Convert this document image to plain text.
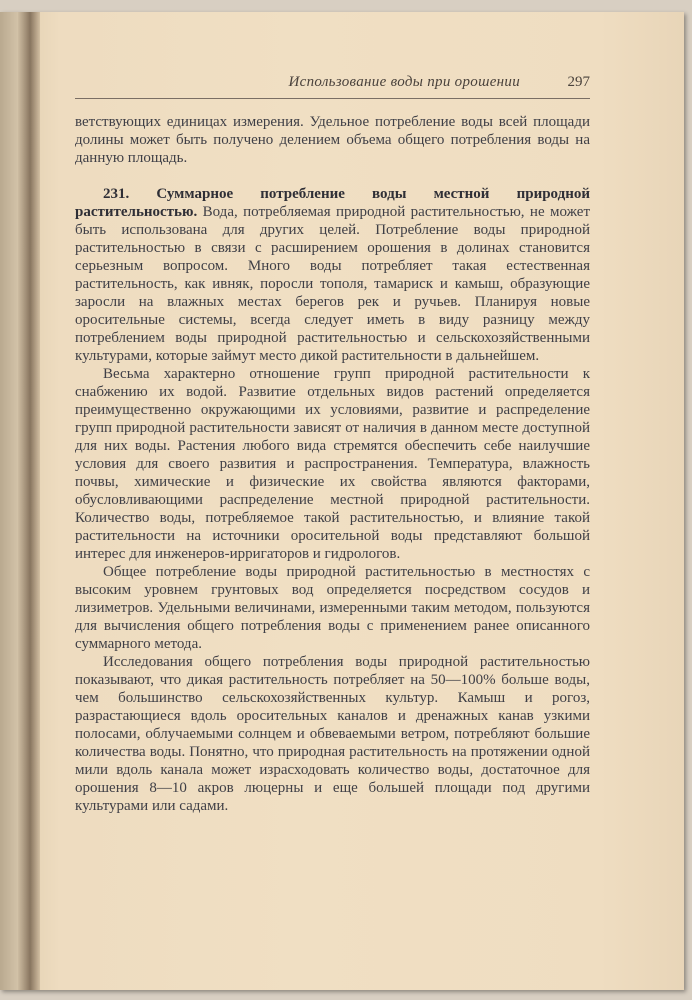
Использование воды при орошении	297

ветствующих единицах измерения. Удельное потребление воды всей площади долины может быть получено делением объема общего потребления воды на данную площадь.

231. Суммарное потребление воды местной природной растительностью. Вода, потребляемая природной растительностью, не может быть использована для других целей. Потребление воды природной растительностью в связи с расширением орошения в долинах становится серьезным вопросом. Много воды потребляет такая естественная растительность, как ивняк, поросли тополя, тамариск и камыш, образующие заросли на влажных местах берегов рек и ручьев. Планируя новые оросительные системы, всегда следует иметь в виду разницу между потреблением воды природной растительностью и сельскохозяйственными культурами, которые займут место дикой растительности в дальнейшем.

Весьма характерно отношение групп природной растительности к снабжению их водой. Развитие отдельных видов растений определяется преимущественно окружающими их условиями, развитие и распределение групп природной растительности зависят от наличия в данном месте доступной для них воды. Растения любого вида стремятся обеспечить себе наилучшие условия для своего развития и распространения. Температура, влажность почвы, химические и физические их свойства являются факторами, обусловливающими распределение местной природной растительности. Количество воды, потребляемое такой растительностью, и влияние такой растительности на источники оросительной воды представляют большой интерес для инженеров-ирригаторов и гидрологов.

Общее потребление воды природной растительностью в местностях с высоким уровнем грунтовых вод определяется посредством сосудов и лизиметров. Удельными величинами, измеренными таким методом, пользуются для вычисления общего потребления воды с применением ранее описанного суммарного метода.

Исследования общего потребления воды природной растительностью показывают, что дикая растительность потребляет на 50—100% больше воды, чем большинство сельскохозяйственных культур. Камыш и рогоз, разрастающиеся вдоль оросительных каналов и дренажных канав узкими полосами, облучаемыми солнцем и обвеваемыми ветром, потребляют большие количества воды. Понятно, что природная растительность на протяжении одной мили вдоль канала может израсходовать количество воды, достаточное для орошения 8—10 акров люцерны и еще большей площади под другими культурами или садами.
